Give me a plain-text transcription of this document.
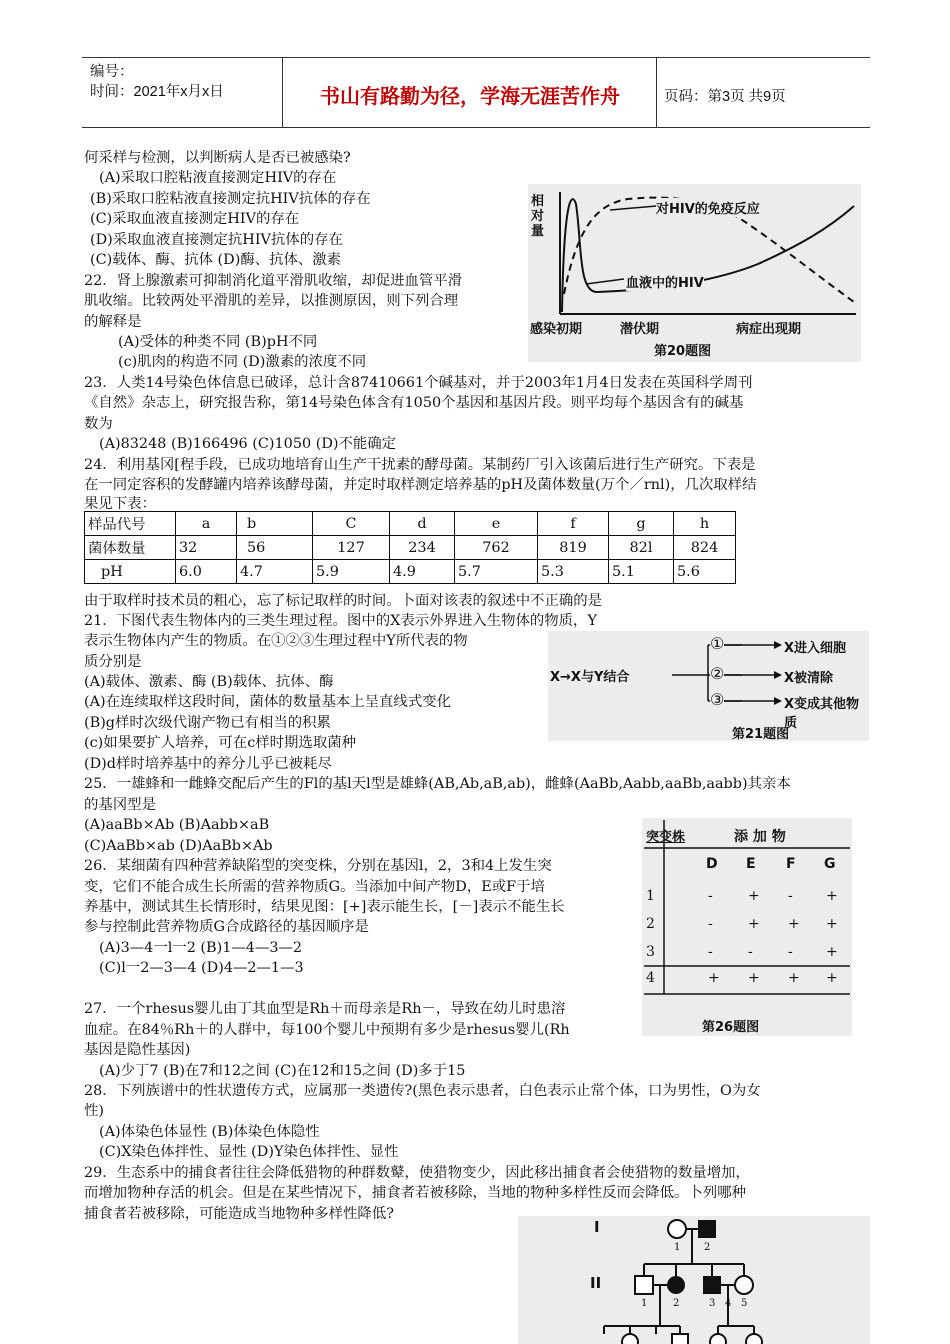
编号：
时间：2021年x月x日	书山有路勤为径，学海无涯苦作舟	页码：第3页 共9页
何采样与检测，以判断病人是否已被感染?
(A)采取口腔粘液直接测定HIV的存在
(B)采取口腔粘液直接测定抗HIV抗体的存在
(C)采取血液直接测定HIV的存在
(D)采取血液直接测定抗HIV抗体的存在
(C)载体、酶、抗体 (D)酶、抗体、激素
22．肾上腺激素可抑制消化道平滑肌收缩，却促进血管平滑
肌收缩。比较两处平滑肌的差异，以推测原因，则下列合理
的解释是
(A)受体的种类不同 (B)pH不同
(c)肌肉的构造不同 (D)激素的浓度不同
23．人类14号染色体信息已破译，总计含87410661个碱基对，并于2003年1月4日发表在英国科学周刊
《自然》杂志上，研究报告称，第14号染色体含有1050个基因和基因片段。则平均每个基因含有的碱基
数为
(A)83248 (B)166496 (C)1050 (D)不能确定
24．利用基冈[程手段，已成功地培育山生产干扰素的酵母菌。某制药厂引入该菌后进行生产研究。下表是
在一同定容积的发酵罐内培养该酵母菌，并定时取样测定培养基的pH及菌体数量(万个／rnl)，几次取样结
果见下表：
样品代号	a	b	C	d	e	f	g	h
菌体数量	32	56	127	234	762	819	82l	824
pH	6.0	4.7	5.9	4.9	5.7	5.3	5.1	5.6
由于取样时技术员的粗心，忘了标记取样的时间。卜面对该表的叙述中不正确的是
21．下图代表生物体内的三类生理过程。图中的X表示外界进入生物体的物质，Y
表示生物体内产生的物质。在①②③生理过程中Y所代表的物
质分别是
(A)载体、激素、酶 (B)载体、抗体、酶
(A)在连续取样这段时间，菌体的数量基本上呈直线式变化
(B)g样时次级代谢产物已有相当的积累
(c)如果要扩人培养，可在c样时期选取菌种
(D)d样时培养基中的养分儿乎已被耗尽
25．一雄蜂和一雌蜂交配后产生的Fl的基l天l型是雄蜂(AB,Ab,aB,ab)，雌蜂(AaBb,Aabb,aaBb,aabb)其亲本
的基冈型是
(A)aaBb×Ab (B)Aabb×aB
(C)AaBb×ab (D)AaBb×Ab
26．某细菌有四种营养缺陷型的突变株，分别在基因l，2，3和4上发生突
变，它们不能合成生长所需的营养物质G。当添加中间产物D，E或F于培
养基中，测试其生长情形时，结果见图：[+]表示能生长，[－]表示不能生长
参与控制此营养物质G合成路径的基因顺序是
(A)3—4一l一2 (B)1—4—3—2
(C)l一2—3—4 (D)4—2—1—3
27．一个rhesus婴儿由丁其血型是Rh＋而母亲是Rh－，导致在幼儿时患溶
血症。在84％Rh＋的人群中，每100个婴儿中预期有多少是rhesus婴儿(Rh
基因是隐性基因)
(A)少丁7 (B)在7和12之间 (C)在12和15之间 (D)多于15
28．下列族谱中的性状遗传方式，应属那一类遗传?(黑色表示患者，白色表示止常个体，口为男性，O为女
性)
(A)体染色体显性 (B)体染色体隐性
(C)X染色体拌性、显性 (D)Y染色体拌性、显性
29．生态系中的捕食者往往会降低猎物的种群数鼙，使猎物变少，因此移出捕食者会使猎物的数量增加，
而增加物种存活的机会。但是在某些情况下，捕食者若被移除，当地的物种多样性反而会降低。卜列哪种
捕食者若被移除，可能造成当地物种多样性降低?
相
对
量
对HIV的免疫反应
血液中的HIV
感染初期	潜伏期	病症出现期
第20题图
X→X与Y结合
①
②
③
X进入细胞
X被清除
X变成其他物质
第21题图
突变株	添 加 物
D E F G
1	-	+ - +
2	-	+ + +
3	-	-	- +
4	+ + + +
第26题图
I
II
1 2
1	2	3 4 5
